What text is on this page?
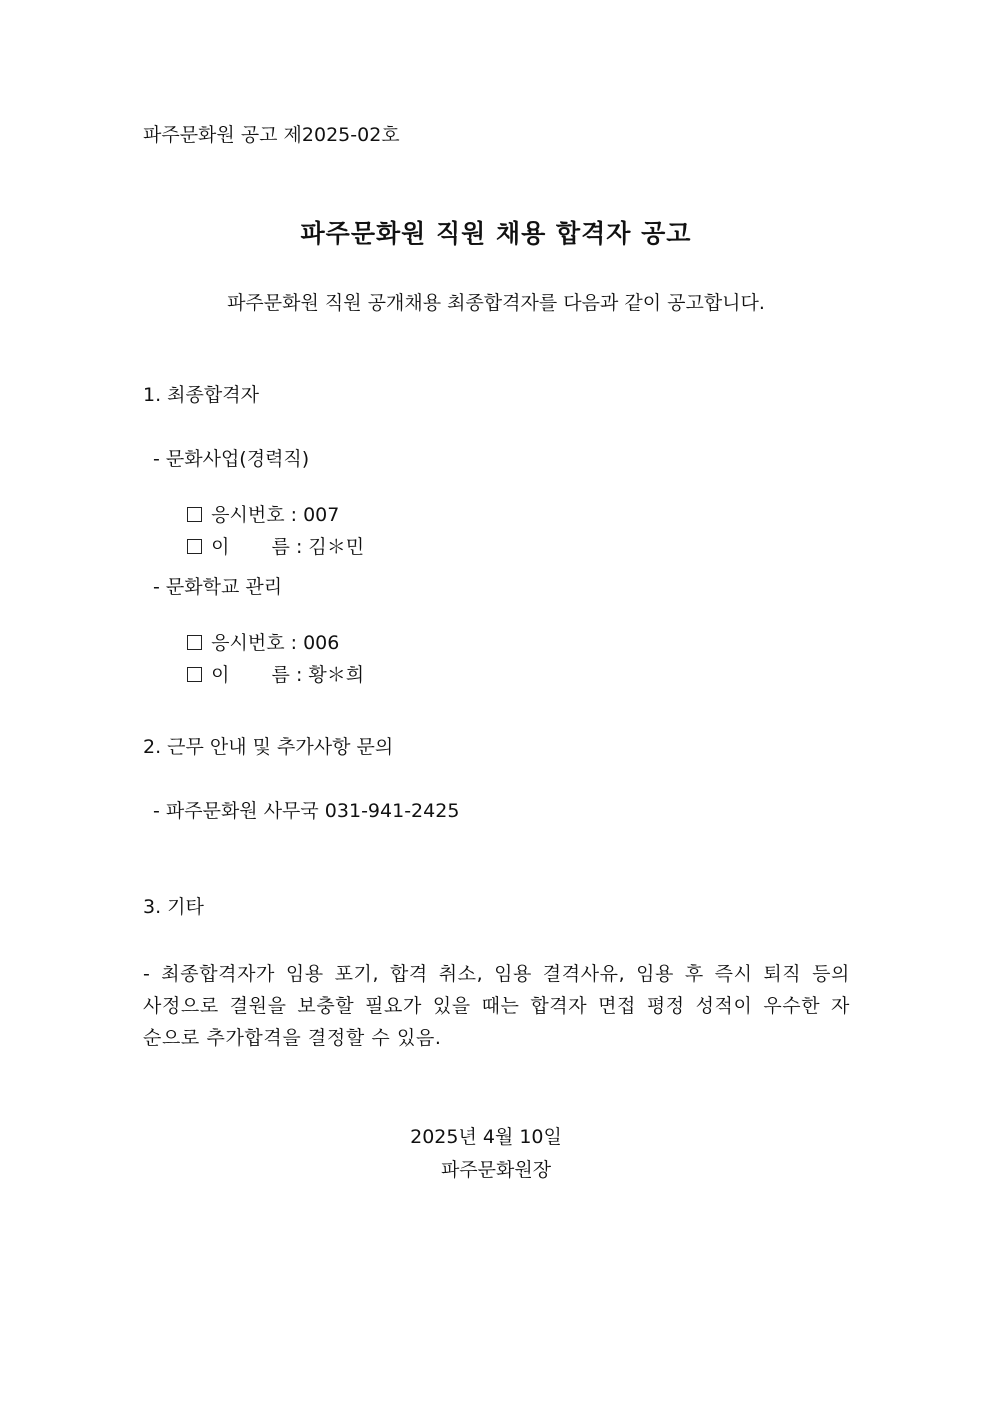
파주문화원 공고 제2025-02호
파주문화원 직원 채용 합격자 공고
파주문화원 직원 공개채용 최종합격자를 다음과 같이 공고합니다.
1. 최종합격자
- 문화사업(경력직)

응시번호 : 007

이 름 : 김＊민

- 문화학교 관리

응시번호 : 006

이 름 : 황＊희

2. 근무 안내 및 추가사항 문의
- 파주문화원 사무국 031-941-2425
3. 기타
- 최종합격자가 임용 포기, 합격 취소, 임용 결격사유, 임용 후 즉시 퇴직 등의 사정으로 결원을 보충할 필요가 있을 때는 합격자 면접 평정 성적이 우수한 자 순으로 추가합격을 결정할 수 있음.
2025년 4월 10일
파주문화원장
